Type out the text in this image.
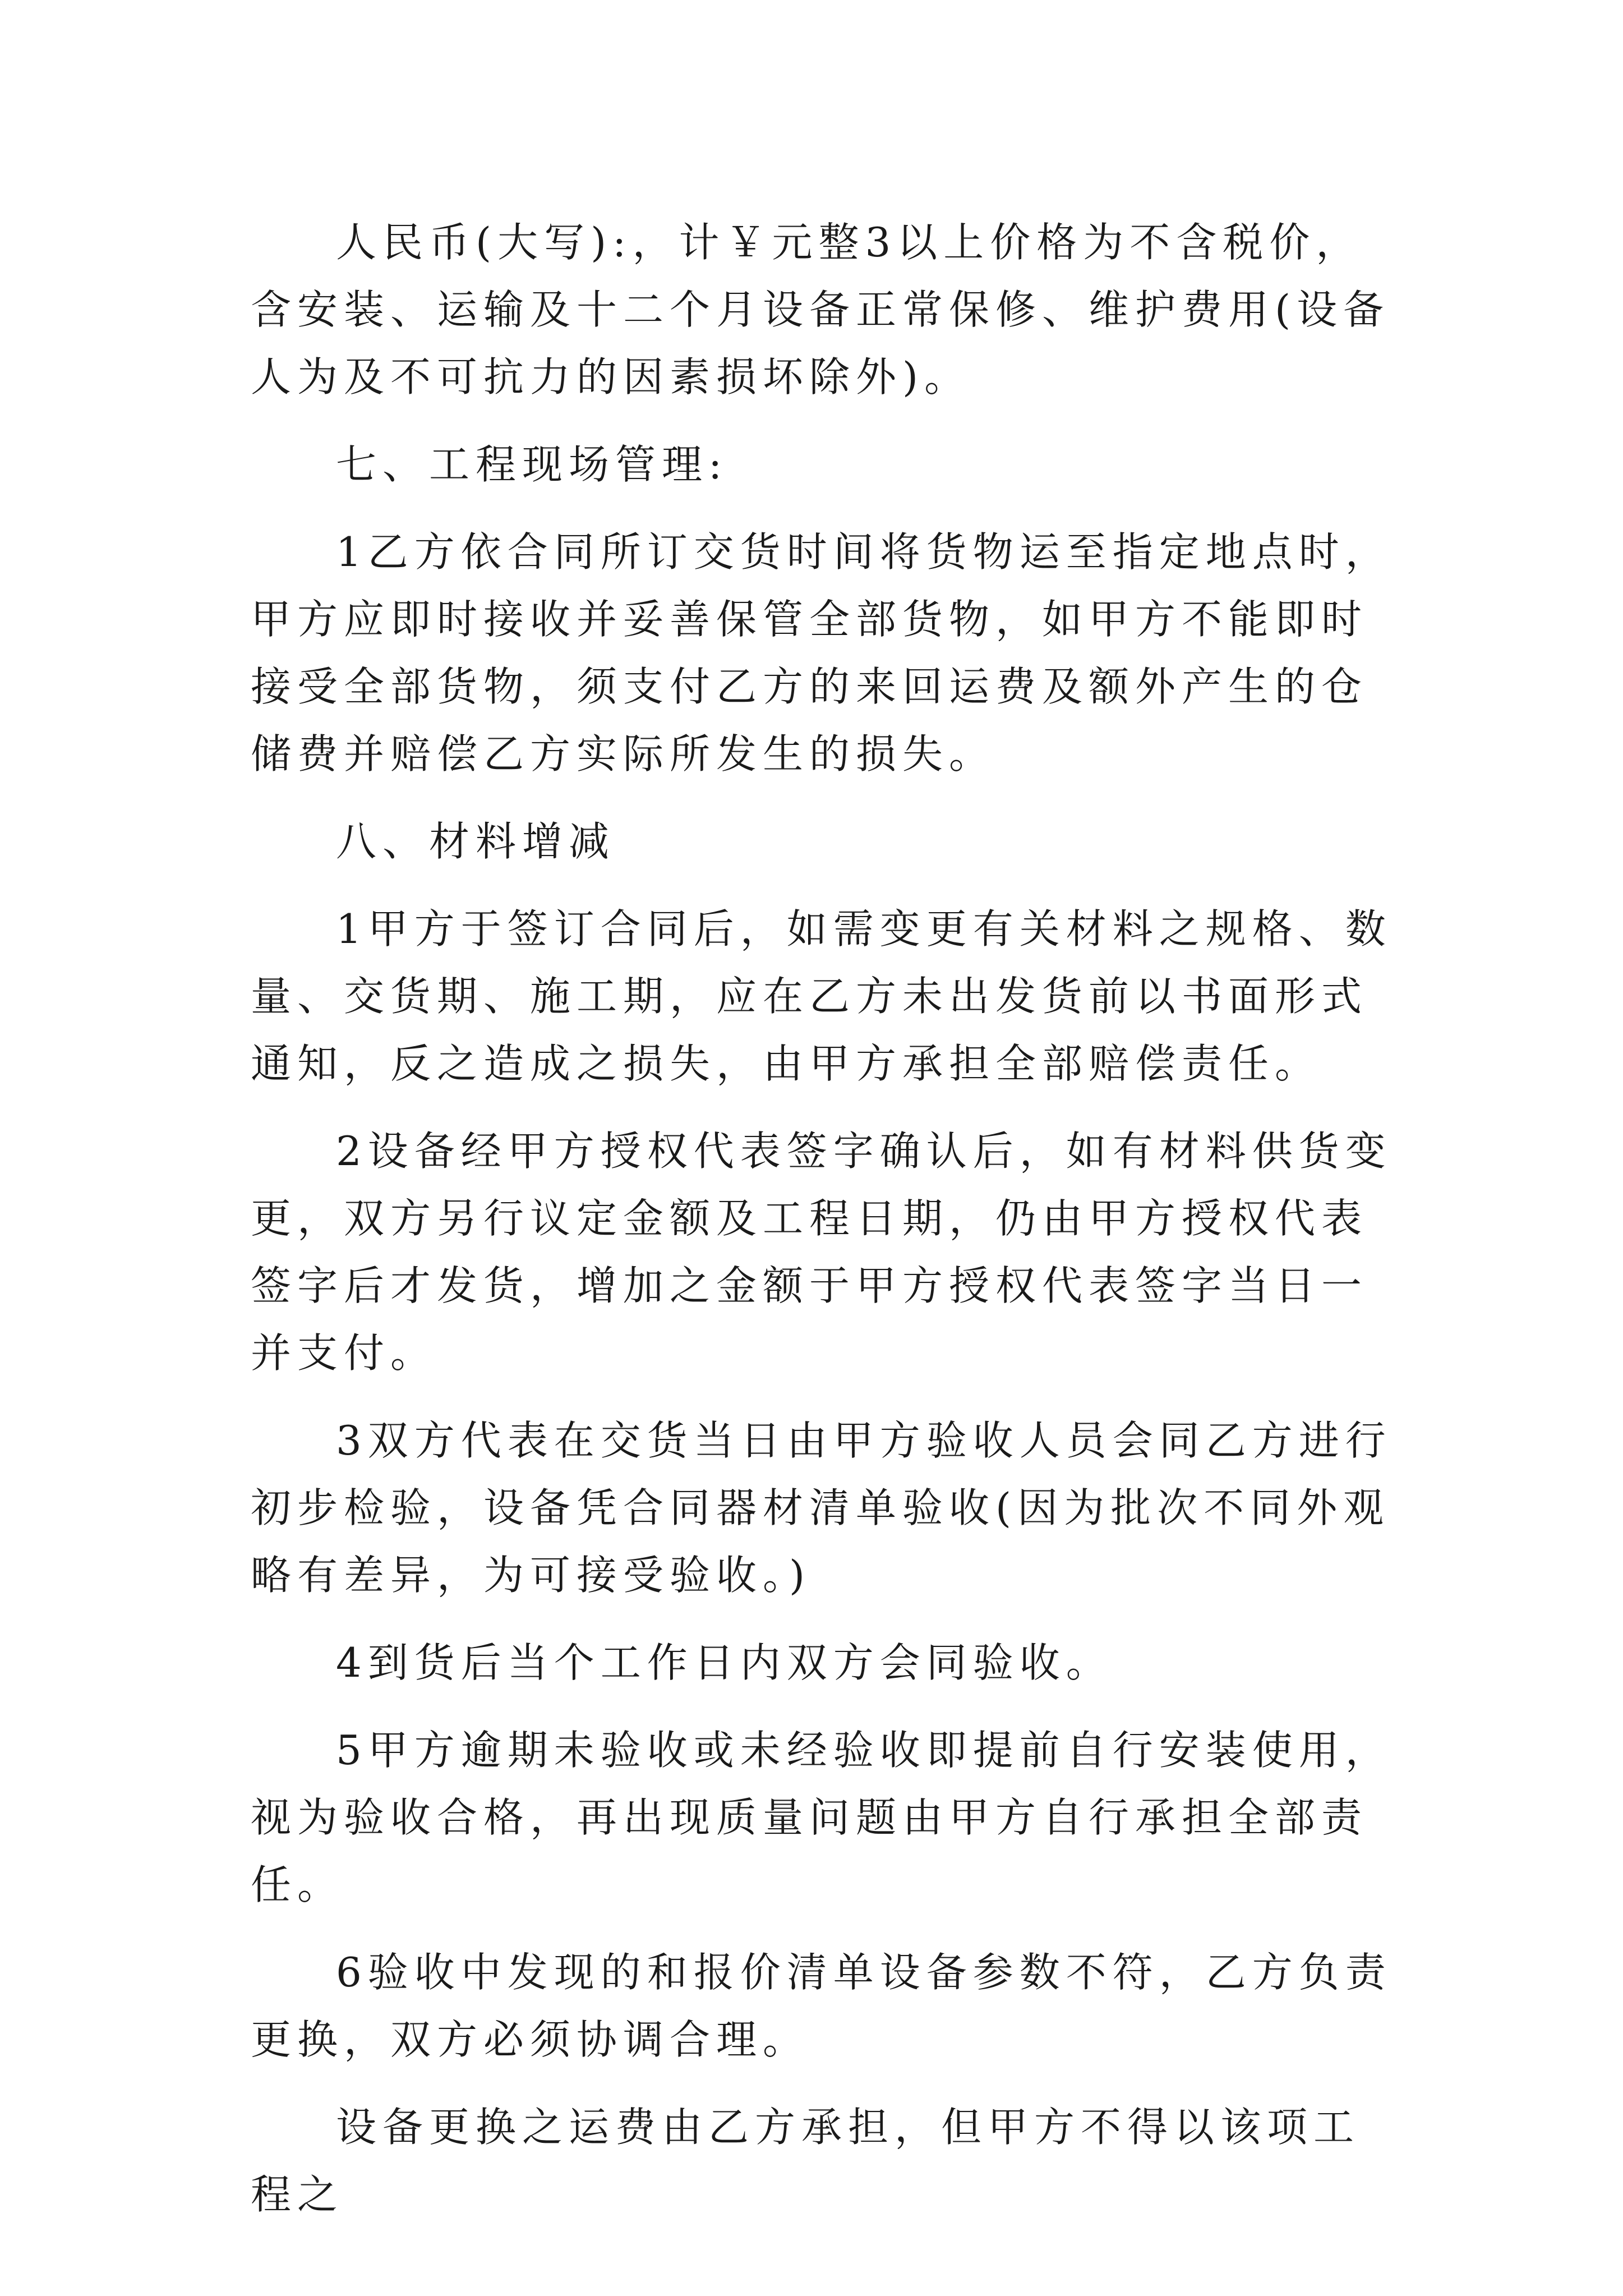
人民币(大写):，计￥元整3以上价格为不含税价，含安装、运输及十二个月设备正常保修、维护费用(设备人为及不可抗力的因素损坏除外)。

七、工程现场管理:

1乙方依合同所订交货时间将货物运至指定地点时，甲方应即时接收并妥善保管全部货物，如甲方不能即时接受全部货物，须支付乙方的来回运费及额外产生的仓储费并赔偿乙方实际所发生的损失。

八、材料增减

1甲方于签订合同后，如需变更有关材料之规格、数量、交货期、施工期，应在乙方未出发货前以书面形式通知，反之造成之损失，由甲方承担全部赔偿责任。

2设备经甲方授权代表签字确认后，如有材料供货变更，双方另行议定金额及工程日期，仍由甲方授权代表签字后才发货，增加之金额于甲方授权代表签字当日一并支付。

3双方代表在交货当日由甲方验收人员会同乙方进行初步检验，设备凭合同器材清单验收(因为批次不同外观略有差异，为可接受验收。)

4到货后当个工作日内双方会同验收。

5甲方逾期未验收或未经验收即提前自行安装使用，视为验收合格，再出现质量问题由甲方自行承担全部责任。

6验收中发现的和报价清单设备参数不符，乙方负责更换，双方必须协调合理。

设备更换之运费由乙方承担，但甲方不得以该项工程之
